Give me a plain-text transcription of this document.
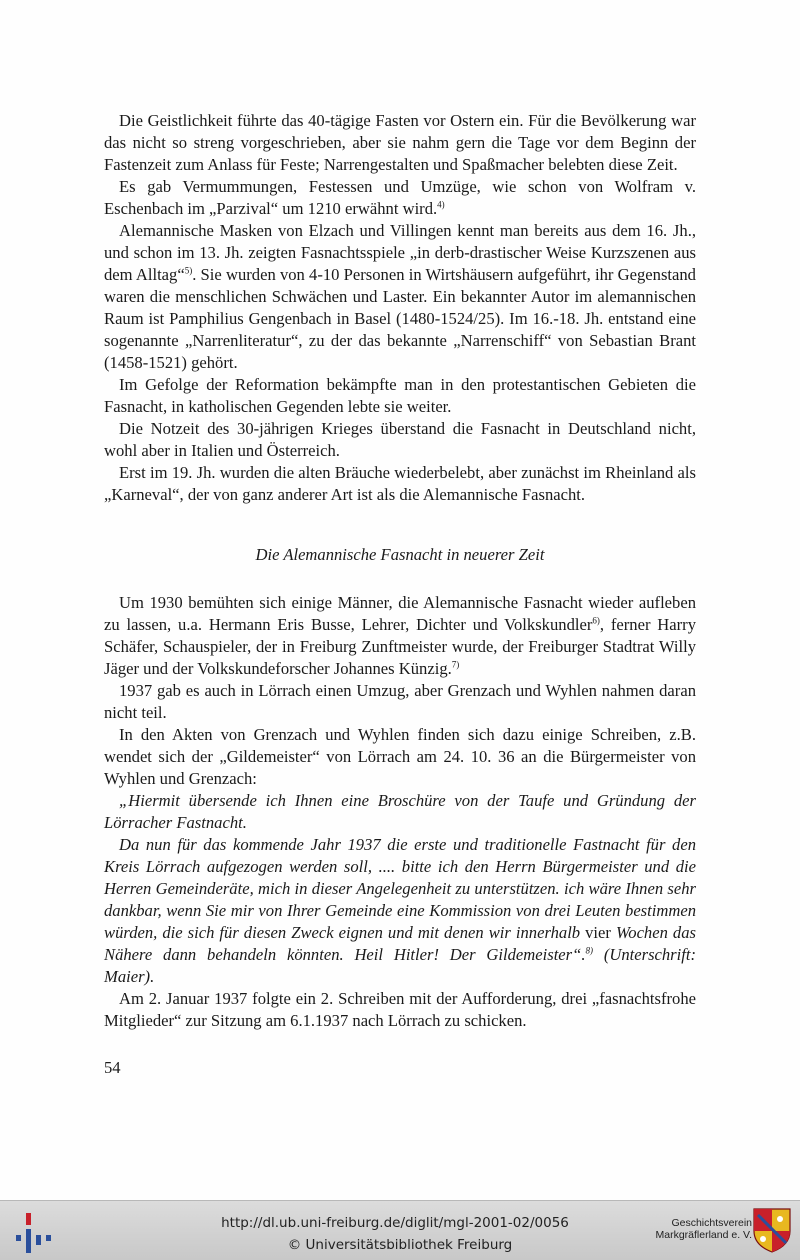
Die Geistlichkeit führte das 40-tägige Fasten vor Ostern ein. Für die Bevölkerung war das nicht so streng vorgeschrieben, aber sie nahm gern die Tage vor dem Beginn der Fastenzeit zum Anlass für Feste; Narrengestalten und Spaßmacher belebten diese Zeit.

Es gab Vermummungen, Festessen und Umzüge, wie schon von Wolfram v. Eschenbach im „Parzival“ um 1210 erwähnt wird.$^{4)}$

Alemannische Masken von Elzach und Villingen kennt man bereits aus dem 16. Jh., und schon im 13. Jh. zeigten Fasnachtsspiele „in derb-drastischer Weise Kurzszenen aus dem Alltag“$^{5)}$. Sie wurden von 4-10 Personen in Wirtshäusern aufgeführt, ihr Gegenstand waren die menschlichen Schwächen und Laster. Ein bekannter Autor im alemannischen Raum ist Pamphilius Gengenbach in Basel (1480-1524/25). Im 16.-18. Jh. entstand eine sogenannte „Narrenliteratur“, zu der das bekannte „Narrenschiff“ von Sebastian Brant (1458-1521) gehört.

Im Gefolge der Reformation bekämpfte man in den protestantischen Gebieten die Fasnacht, in katholischen Gegenden lebte sie weiter.

Die Notzeit des 30-jährigen Krieges überstand die Fasnacht in Deutschland nicht, wohl aber in Italien und Österreich.

Erst im 19. Jh. wurden die alten Bräuche wiederbelebt, aber zunächst im Rheinland als „Karneval“, der von ganz anderer Art ist als die Alemannische Fasnacht.

Die Alemannische Fasnacht in neuerer Zeit

Um 1930 bemühten sich einige Männer, die Alemannische Fasnacht wieder aufleben zu lassen, u.a. Hermann Eris Busse, Lehrer, Dichter und Volkskundler$^{6)}$, ferner Harry Schäfer, Schauspieler, der in Freiburg Zunftmeister wurde, der Freiburger Stadtrat Willy Jäger und der Volkskundeforscher Johannes Künzig.$^{7)}$

1937 gab es auch in Lörrach einen Umzug, aber Grenzach und Wyhlen nahmen daran nicht teil.

In den Akten von Grenzach und Wyhlen finden sich dazu einige Schreiben, z.B. wendet sich der „Gildemeister“ von Lörrach am 24. 10. 36 an die Bürgermeister von Wyhlen und Grenzach:

„Hiermit übersende ich Ihnen eine Broschüre von der Taufe und Gründung der Lörracher Fastnacht.

Da nun für das kommende Jahr 1937 die erste und traditionelle Fastnacht für den Kreis Lörrach aufgezogen werden soll, .... bitte ich den Herrn Bürgermeister und die Herren Gemeinderäte, mich in dieser Angelegenheit zu unterstützen. ich wäre Ihnen sehr dankbar, wenn Sie mir von Ihrer Gemeinde eine Kommission von drei Leuten bestimmen würden, die sich für diesen Zweck eignen und mit denen wir innerhalb vier Wochen das Nähere dann behandeln könnten. Heil Hitler! Der Gildemeister“.$^{8)}$ (Unterschrift: Maier).

Am 2. Januar 1937 folgte ein 2. Schreiben mit der Aufforderung, drei „fasnachtsfrohe Mitglieder“ zur Sitzung am 6.1.1937 nach Lörrach zu schicken.

54
http://dl.ub.uni-freiburg.de/diglit/mgl-2001-02/0056
© Universitätsbibliothek Freiburg
Geschichtsverein
Markgräflerland e. V.
